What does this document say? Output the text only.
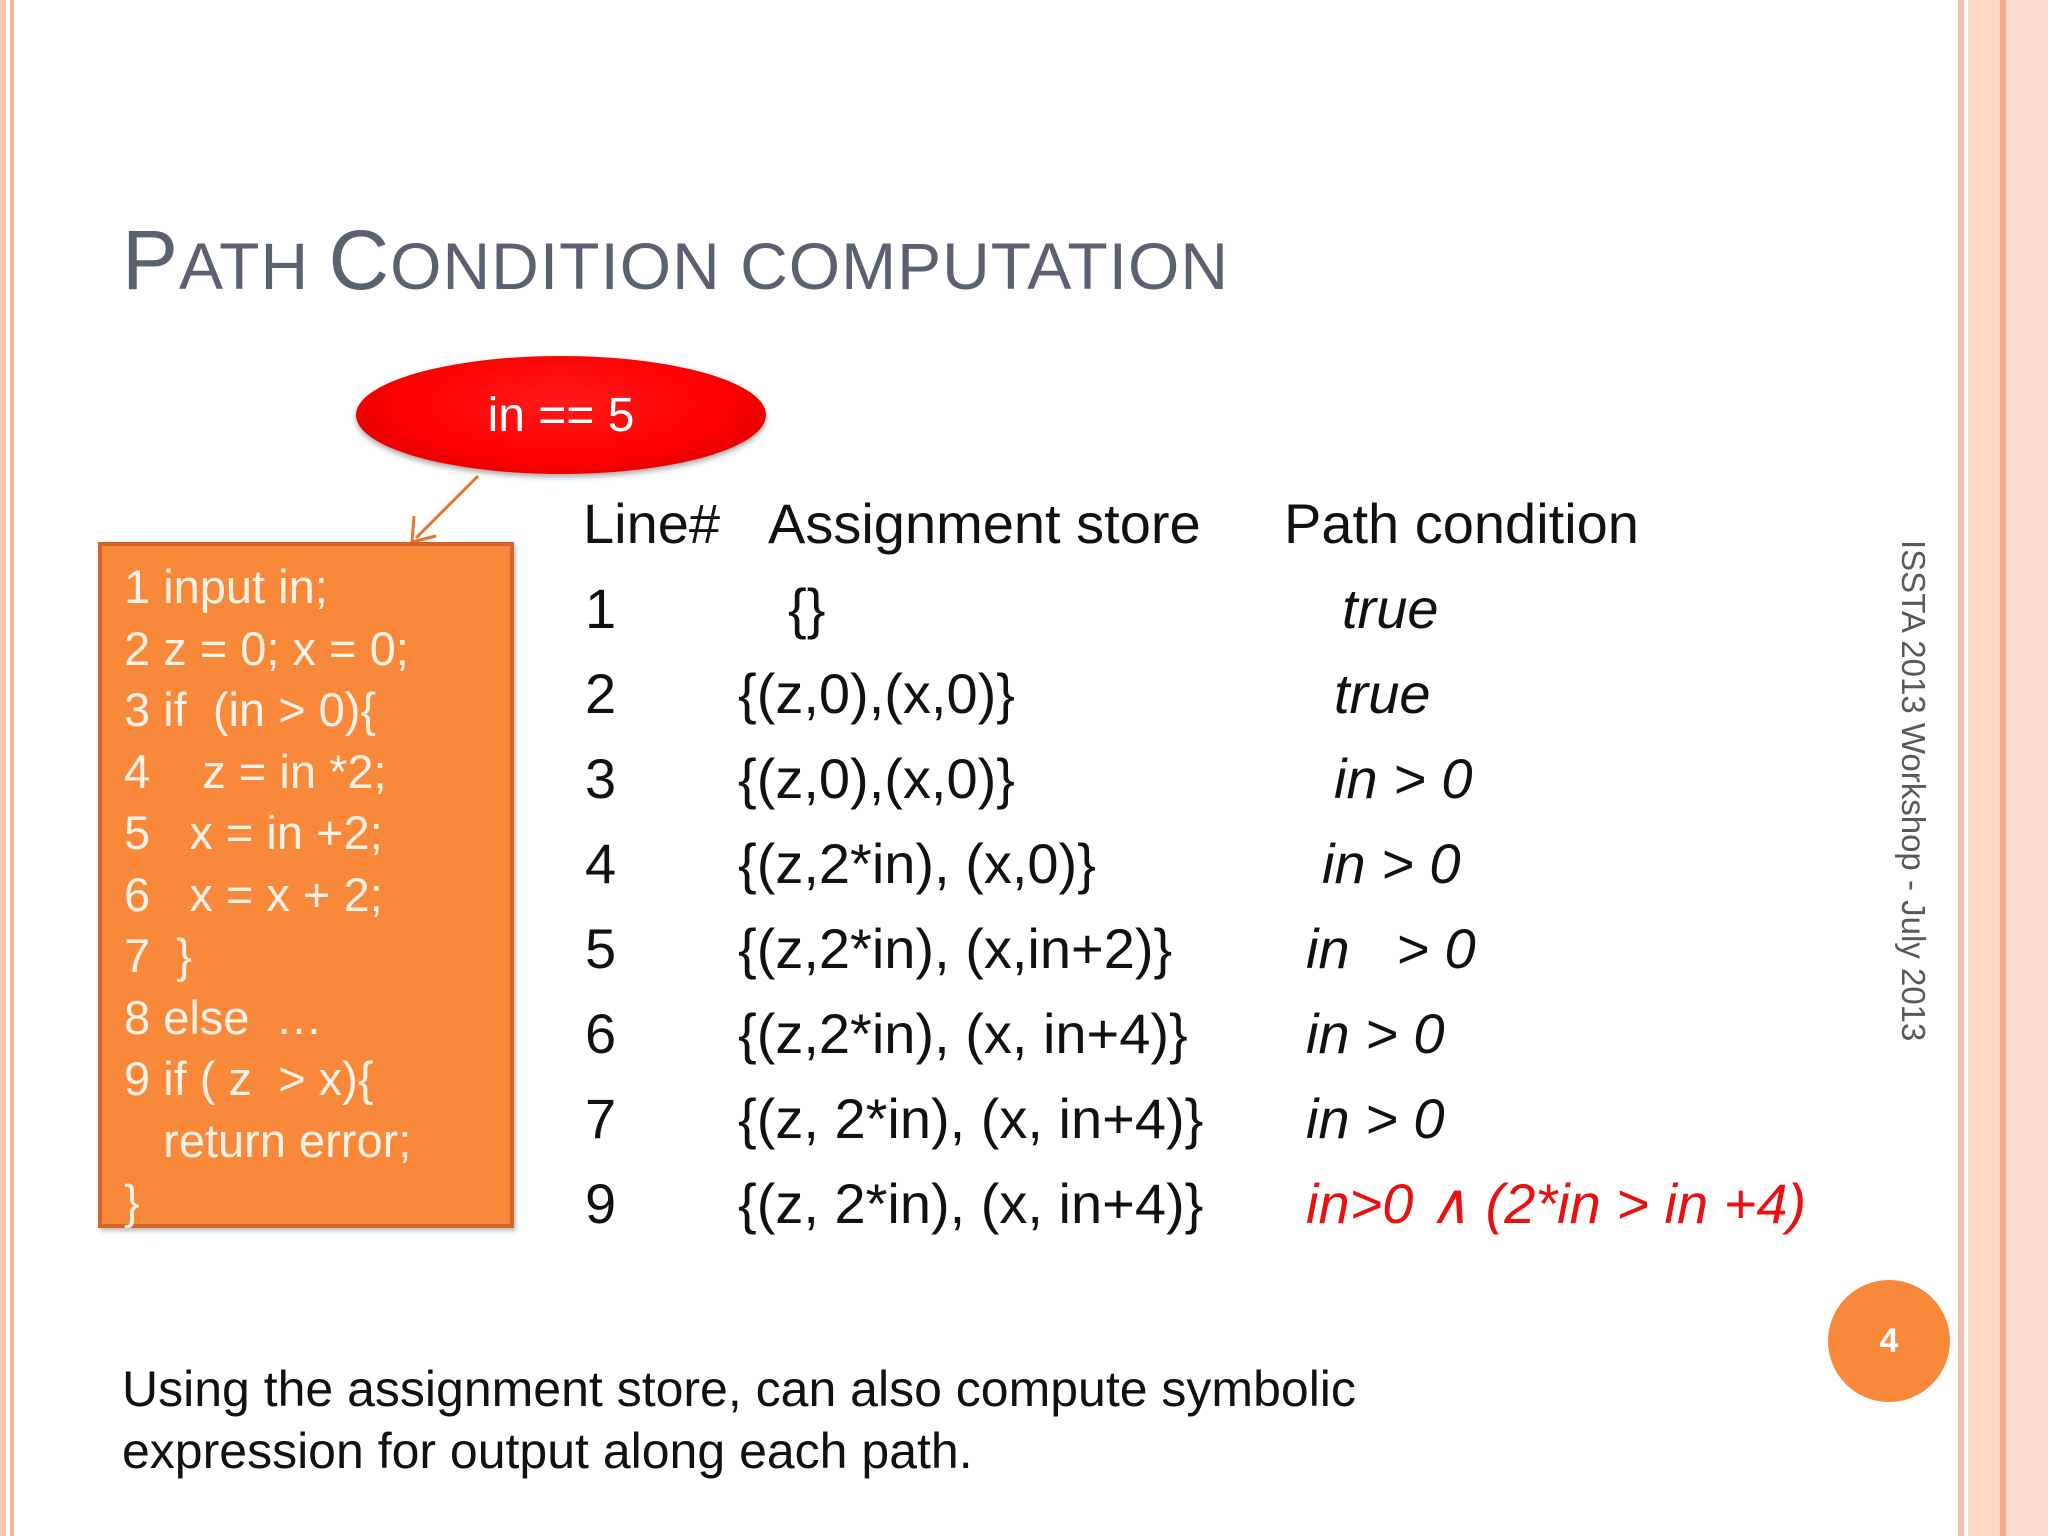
PATH CONDITION COMPUTATION
ISSTA 2013 Workshop - July 2013
in == 5
1 input in;
2 z = 0; x = 0;
3 if  (in > 0){
4    z = in *2;
5   x = in +2;
6   x = x + 2;
7  }
8 else  …
9 if ( z  > x){
return error;
}
Line# Assignment store Path condition
1	{}	true
2 {(z,0),(x,0)}	true
3 {(z,0),(x,0)}	in > 0
4 {(z,2*in), (x,0)}	in > 0
5 {(z,2*in), (x,in+2)} in   > 0
6 {(z,2*in), (x, in+4)} in > 0
7 {(z, 2*in), (x, in+4)} in > 0
9 {(z, 2*in), (x, in+4)} in>0 ∧ (2*in > in +4)
Using the assignment store, can also compute symbolic
expression for output along each path.
4
